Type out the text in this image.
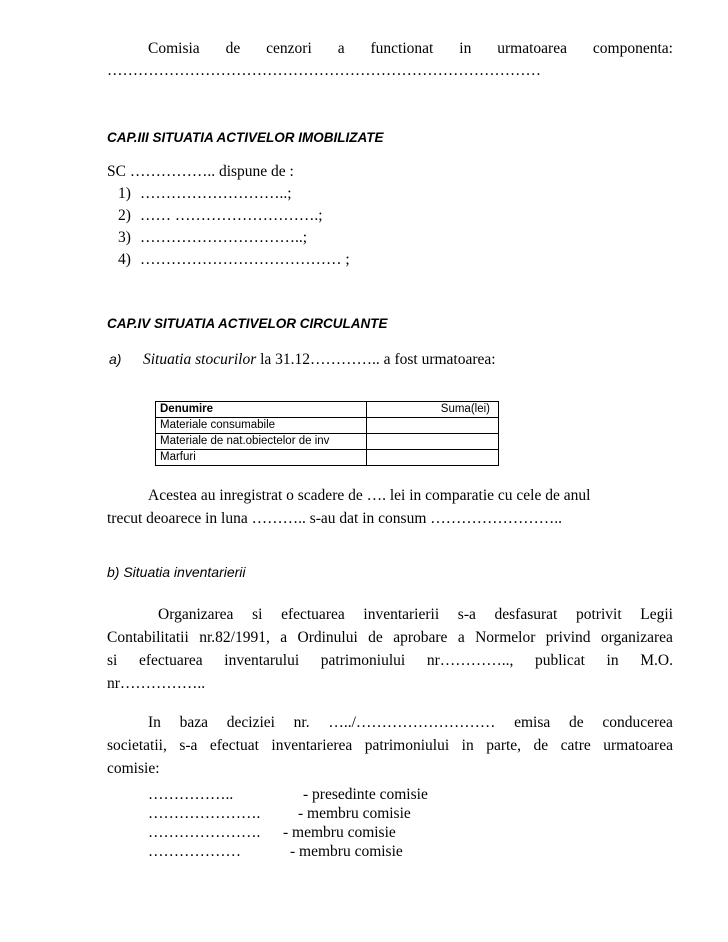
Comisia de cenzori a functionat in urmatoarea componenta:
…………………………………………………………………………
CAP.III SITUATIA ACTIVELOR IMOBILIZATE
SC …………….. dispune de :
1) ………………………..;
2) …… ……………………….;
3) …………………………..;
4) ………………………………… ;
CAP.IV SITUATIA ACTIVELOR CIRCULANTE
a) Situatia stocurilor la 31.12………….. a fost urmatoarea:
Denumire	Suma(lei)
Materiale consumabile	
Materiale de nat.obiectelor de inv	
Marfuri	
Acestea au inregistrat o scadere de …. lei in comparatie cu cele de anul
trecut deoarece in luna ……….. s-au dat in consum ……………………..
b) Situatia inventarierii
Organizarea si efectuarea inventarierii s-a desfasurat potrivit Legii
Contabilitatii nr.82/1991, a Ordinului de aprobare a Normelor privind organizarea
si efectuarea inventarului patrimoniului nr………….., publicat in M.O.
nr……………..
In baza deciziei nr. …../……………………… emisa de conducerea
societatii, s-a efectuat inventarierea patrimoniului in parte, de catre urmatoarea
comisie:
……………..	- presedinte comisie
…………………. - membru comisie
…………………. - membru comisie
………………	- membru comisie
